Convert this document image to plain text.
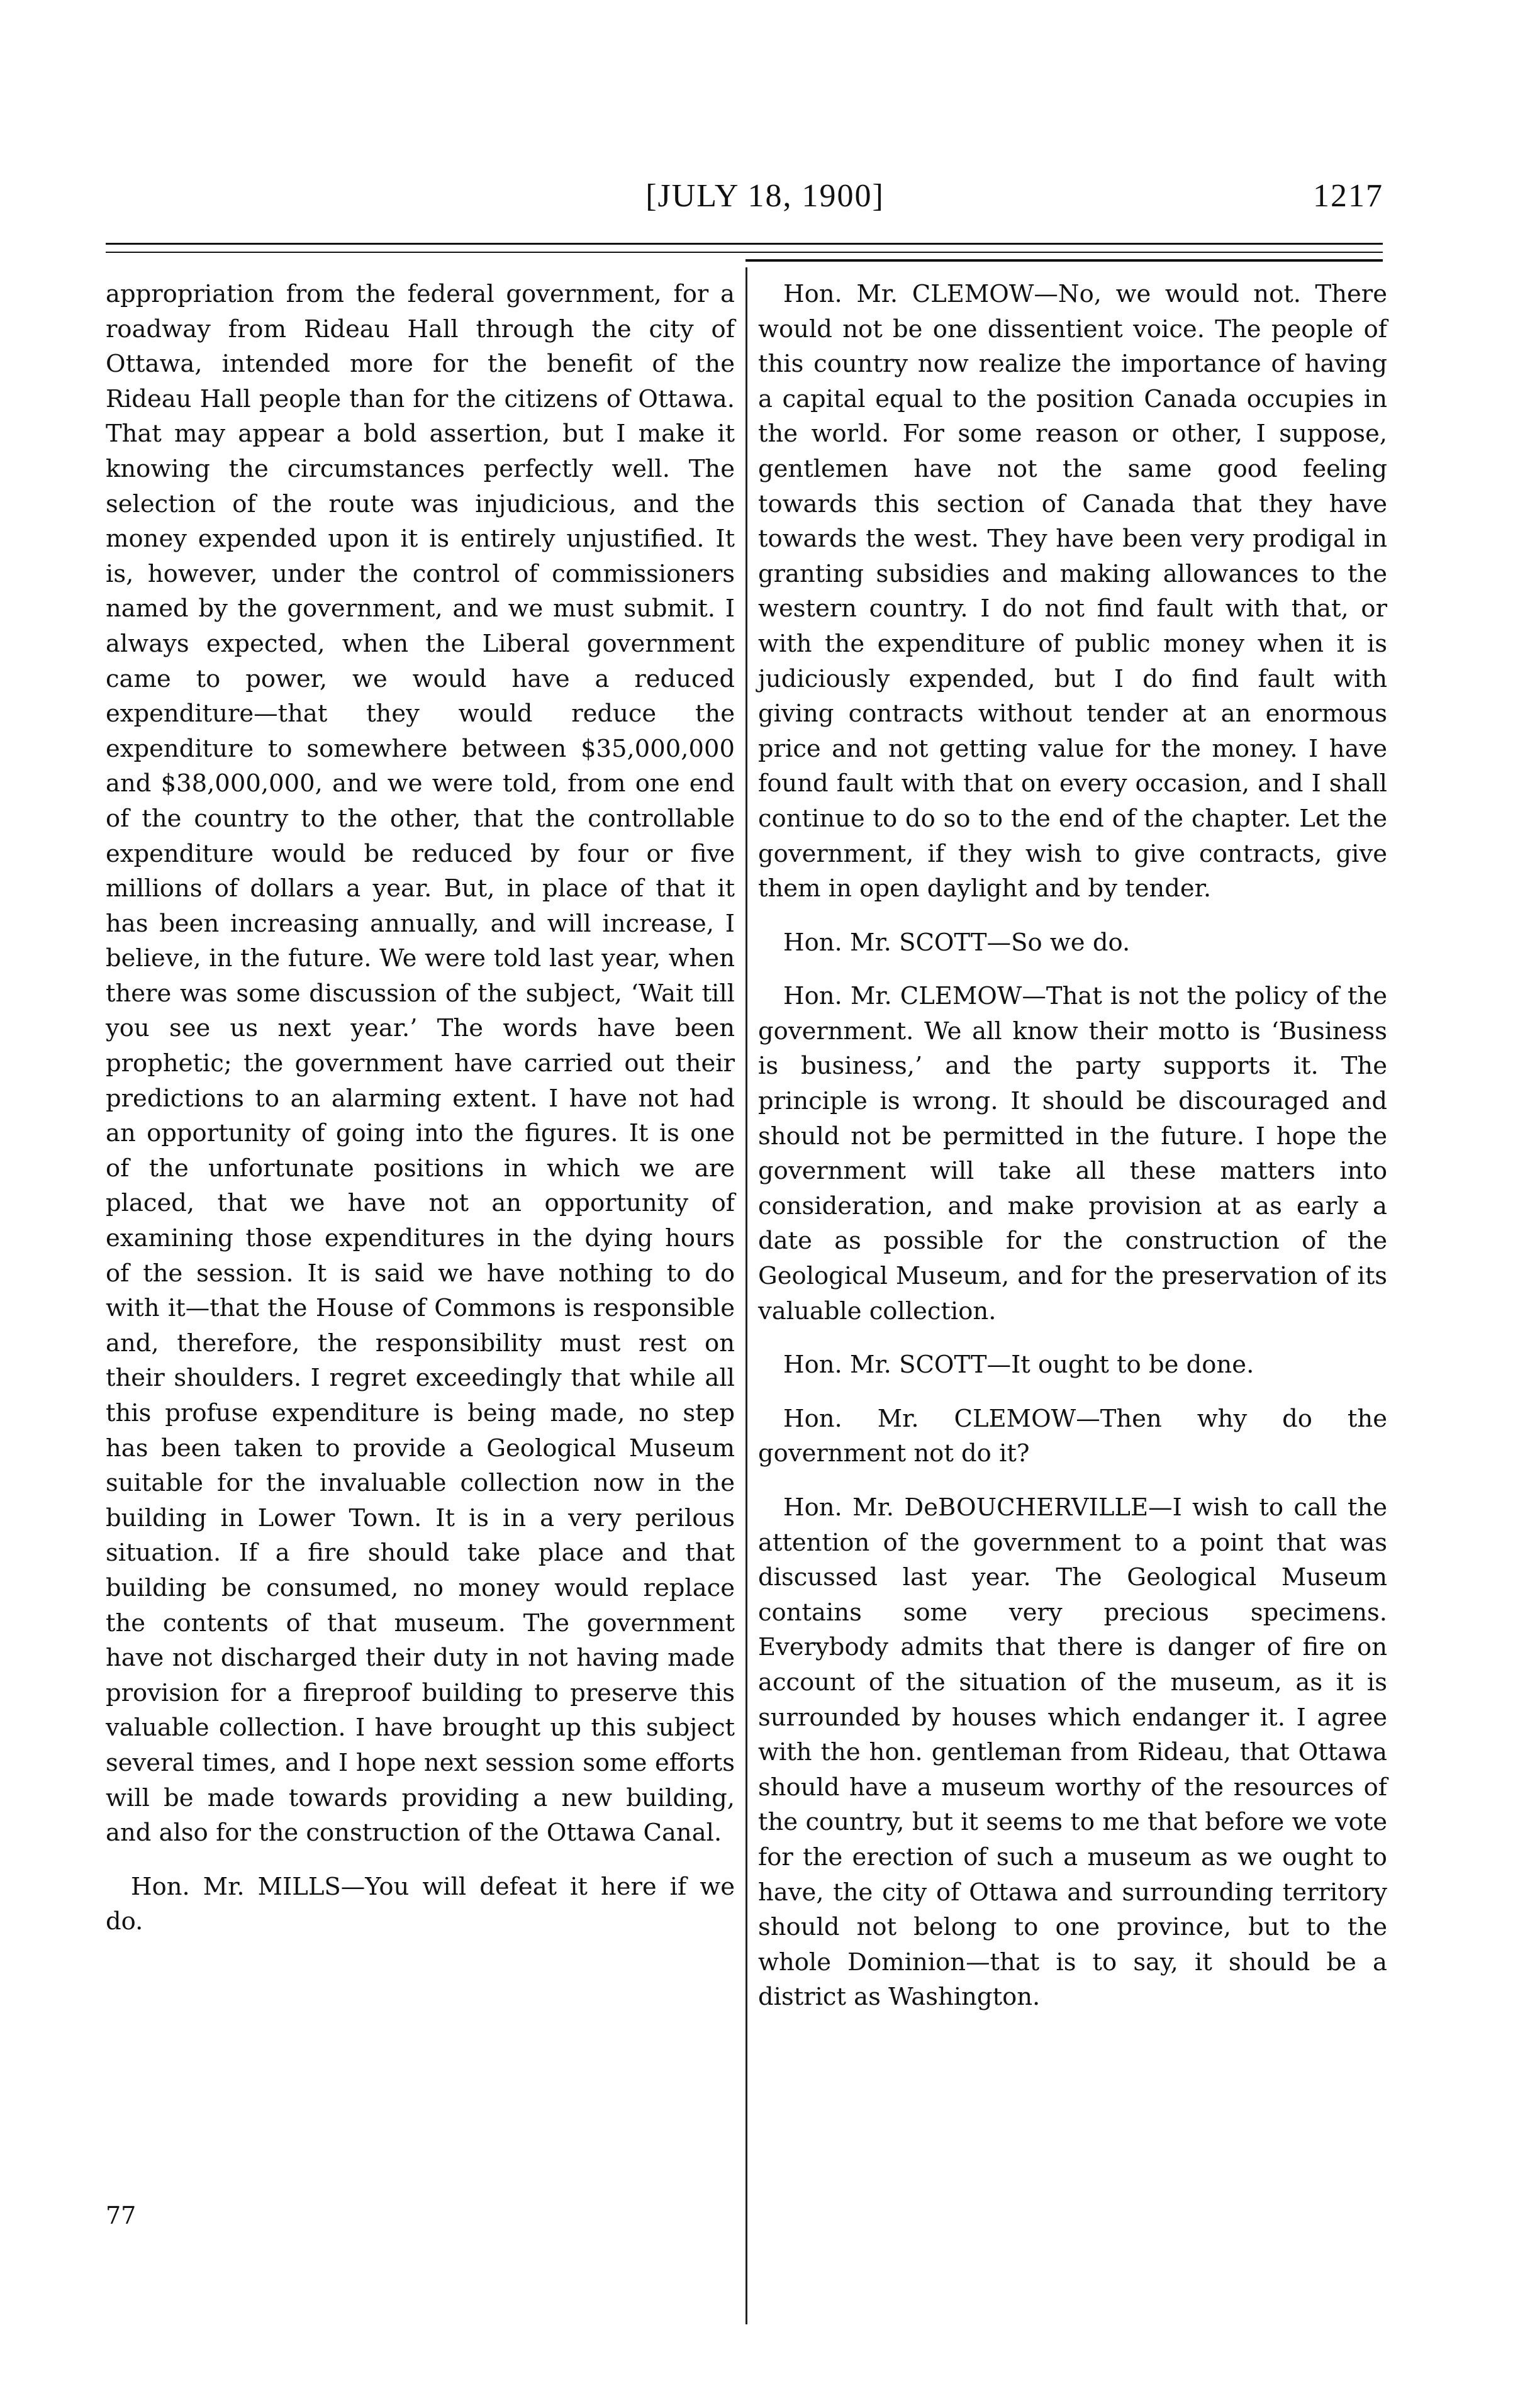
[JULY 18, 1900]	1217

appropriation from the federal government, for a roadway from Rideau Hall through the city of Ottawa, intended more for the benefit of the Rideau Hall people than for the citizens of Ottawa. That may appear a bold assertion, but I make it knowing the circumstances perfectly well. The selection of the route was injudicious, and the money expended upon it is entirely unjustified. It is, however, under the control of commissioners named by the government, and we must submit. I always expected, when the Liberal government came to power, we would have a reduced expenditure—that they would reduce the expenditure to somewhere between $35,000,000 and $38,000,000, and we were told, from one end of the country to the other, that the controllable expenditure would be reduced by four or five millions of dollars a year. But, in place of that it has been increasing annually, and will increase, I believe, in the future. We were told last year, when there was some discussion of the subject, ‘Wait till you see us next year.’ The words have been prophetic; the government have carried out their predictions to an alarming extent. I have not had an opportunity of going into the figures. It is one of the unfortunate positions in which we are placed, that we have not an opportunity of examining those expenditures in the dying hours of the session. It is said we have nothing to do with it—that the House of Commons is responsible and, therefore, the responsibility must rest on their shoulders. I regret exceedingly that while all this profuse expenditure is being made, no step has been taken to provide a Geological Museum suitable for the invaluable collection now in the building in Lower Town. It is in a very perilous situation. If a fire should take place and that building be consumed, no money would replace the contents of that museum. The government have not discharged their duty in not having made provision for a fireproof building to preserve this valuable collection. I have brought up this subject several times, and I hope next session some efforts will be made towards providing a new building, and also for the construction of the Ottawa Canal.

Hon. Mr. MILLS—You will defeat it here if we do.

77

Hon. Mr. CLEMOW—No, we would not. There would not be one dissentient voice. The people of this country now realize the importance of having a capital equal to the position Canada occupies in the world. For some reason or other, I suppose, gentlemen have not the same good feeling towards this section of Canada that they have towards the west. They have been very prodigal in granting subsidies and making allowances to the western country. I do not find fault with that, or with the expenditure of public money when it is judiciously expended, but I do find fault with giving contracts without tender at an enormous price and not getting value for the money. I have found fault with that on every occasion, and I shall continue to do so to the end of the chapter. Let the government, if they wish to give contracts, give them in open daylight and by tender.

Hon. Mr. SCOTT—So we do.

Hon. Mr. CLEMOW—That is not the policy of the government. We all know their motto is ‘Business is business,’ and the party supports it. The principle is wrong. It should be discouraged and should not be permitted in the future. I hope the government will take all these matters into consideration, and make provision at as early a date as possible for the construction of the Geological Museum, and for the preservation of its valuable collection.

Hon. Mr. SCOTT—It ought to be done.

Hon. Mr. CLEMOW—Then why do the government not do it?

Hon. Mr. DeBOUCHERVILLE—I wish to call the attention of the government to a point that was discussed last year. The Geological Museum contains some very precious specimens. Everybody admits that there is danger of fire on account of the situation of the museum, as it is surrounded by houses which endanger it. I agree with the hon. gentleman from Rideau, that Ottawa should have a museum worthy of the resources of the country, but it seems to me that before we vote for the erection of such a museum as we ought to have, the city of Ottawa and surrounding territory should not belong to one province, but to the whole Dominion—that is to say, it should be a district as Washington.
